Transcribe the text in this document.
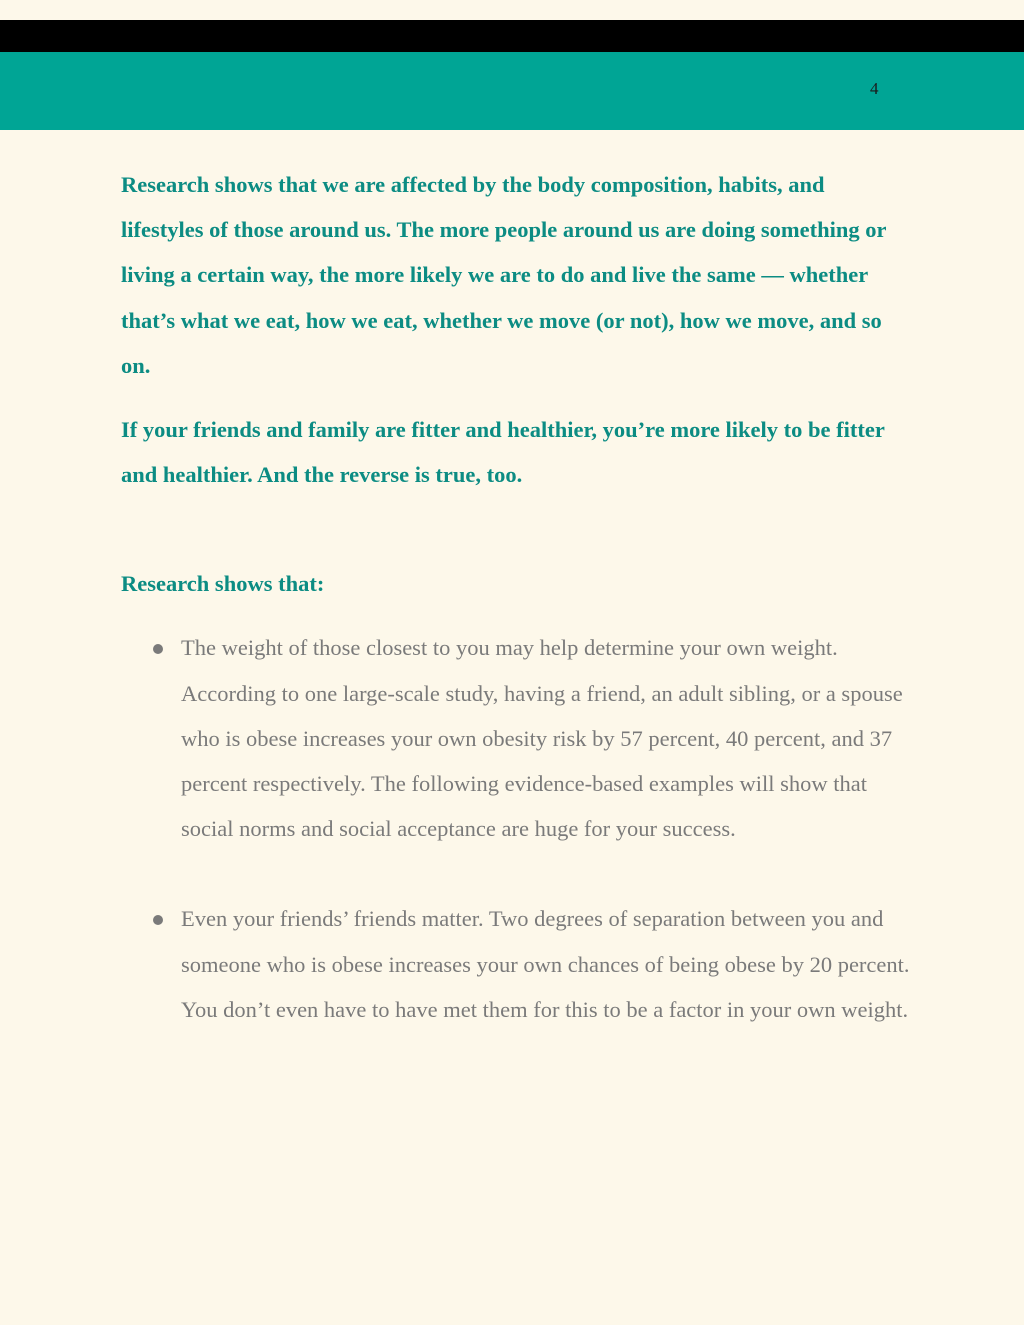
4

Research shows that we are affected by the body composition, habits, and lifestyles of those around us. The more people around us are doing something or living a certain way, the more likely we are to do and live the same — whether that’s what we eat, how we eat, whether we move (or not), how we move, and so on.

If your friends and family are fitter and healthier, you’re more likely to be fitter and healthier. And the reverse is true, too.

Research shows that:
The weight of those closest to you may help determine your own weight. According to one large-scale study, having a friend, an adult sibling, or a spouse who is obese increases your own obesity risk by 57 percent, 40 percent, and 37 percent respectively. The following evidence-based examples will show that social norms and social acceptance are huge for your success.
Even your friends’ friends matter. Two degrees of separation between you and someone who is obese increases your own chances of being obese by 20 percent. You don’t even have to have met them for this to be a factor in your own weight.
